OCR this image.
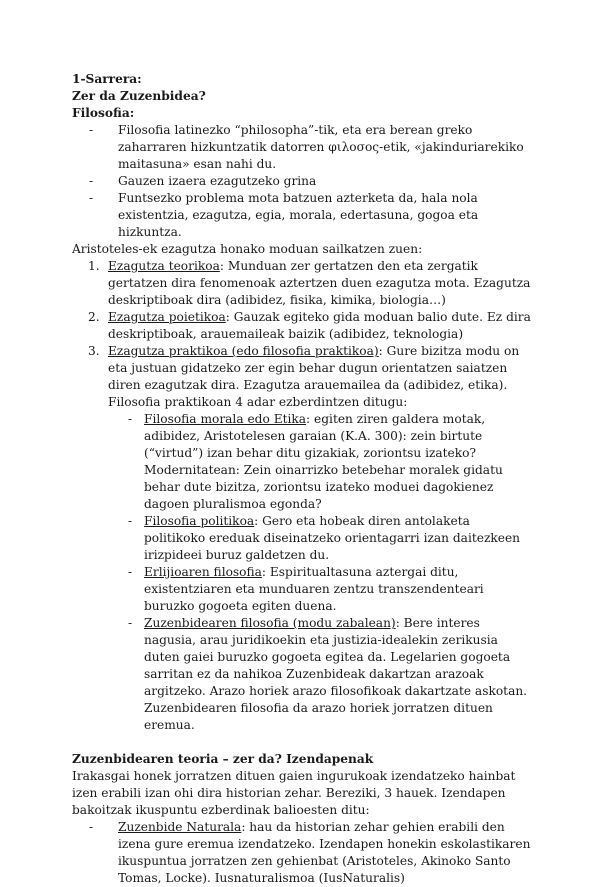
1-Sarrera:

Zer da Zuzenbidea?

Filosofia:

- Filosofia latinezko “philosopha”-tik, eta era berean greko zaharraren hizkuntzatik datorren φιλοσος-etik, «jakinduriarekiko maitasuna» esan nahi du.
- Gauzen izaera ezagutzeko grina
- Funtsezko problema mota batzuen azterketa da, hala nola existentzia, ezagutza, egia, morala, edertasuna, gogoa eta hizkuntza.

Aristoteles-ek ezagutza honako moduan sailkatzen zuen:

1. Ezagutza teorikoa: Munduan zer gertatzen den eta zergatik gertatzen dira fenomenoak aztertzen duen ezagutza mota. Ezagutza deskriptiboak dira (adibidez, fisika, kimika, biologia…)
2. Ezagutza poietikoa: Gauzak egiteko gida moduan balio dute. Ez dira deskriptiboak, arauemaileak baizik (adibidez, teknologia)
3. Ezagutza praktikoa (edo filosofia praktikoa): Gure bizitza modu on eta justuan gidatzeko zer egin behar dugun orientatzen saiatzen diren ezagutzak dira. Ezagutza arauemailea da (adibidez, etika). Filosofia praktikoan 4 adar ezberdintzen ditugu:
- Filosofia morala edo Etika: egiten ziren galdera motak, adibidez, Aristotelesen garaian (K.A. 300): zein birtute (“virtud”) izan behar ditu gizakiak, zoriontsu izateko? Modernitatean: Zein oinarrizko betebehar moralek gidatu behar dute bizitza, zoriontsu izateko moduei dagokienez dagoen pluralismoa egonda?
- Filosofia politikoa: Gero eta hobeak diren antolaketa politikoko ereduak diseinatzeko orientagarri izan daitezkeen irizpideei buruz galdetzen du.
- Erlijioaren filosofia: Espiritualtasuna aztergai ditu, existentziaren eta munduaren zentzu transzendenteari buruzko gogoeta egiten duena.
- Zuzenbidearen filosofia (modu zabalean): Bere interes nagusia, arau juridikoekin eta justizia-idealekin zerikusia duten gaiei buruzko gogoeta egitea da. Legelarien gogoeta sarritan ez da nahikoa Zuzenbideak dakartzan arazoak argitzeko. Arazo horiek arazo filosofikoak dakartzate askotan. Zuzenbidearen filosofia da arazo horiek jorratzen dituen eremua.

Zuzenbidearen teoria – zer da? Izendapenak

Irakasgai honek jorratzen dituen gaien ingurukoak izendatzeko hainbat izen erabili izan ohi dira historian zehar. Bereziki, 3 hauek. Izendapen bakoitzak ikuspuntu ezberdinak balioesten ditu:

- Zuzenbide Naturala: hau da historian zehar gehien erabili den izena gure eremua izendatzeko. Izendapen honekin eskolastikaren ikuspuntua jorratzen zen gehienbat (Aristoteles, Akinoko Santo Tomas, Locke). Iusnaturalismoa (IusNaturalis)
